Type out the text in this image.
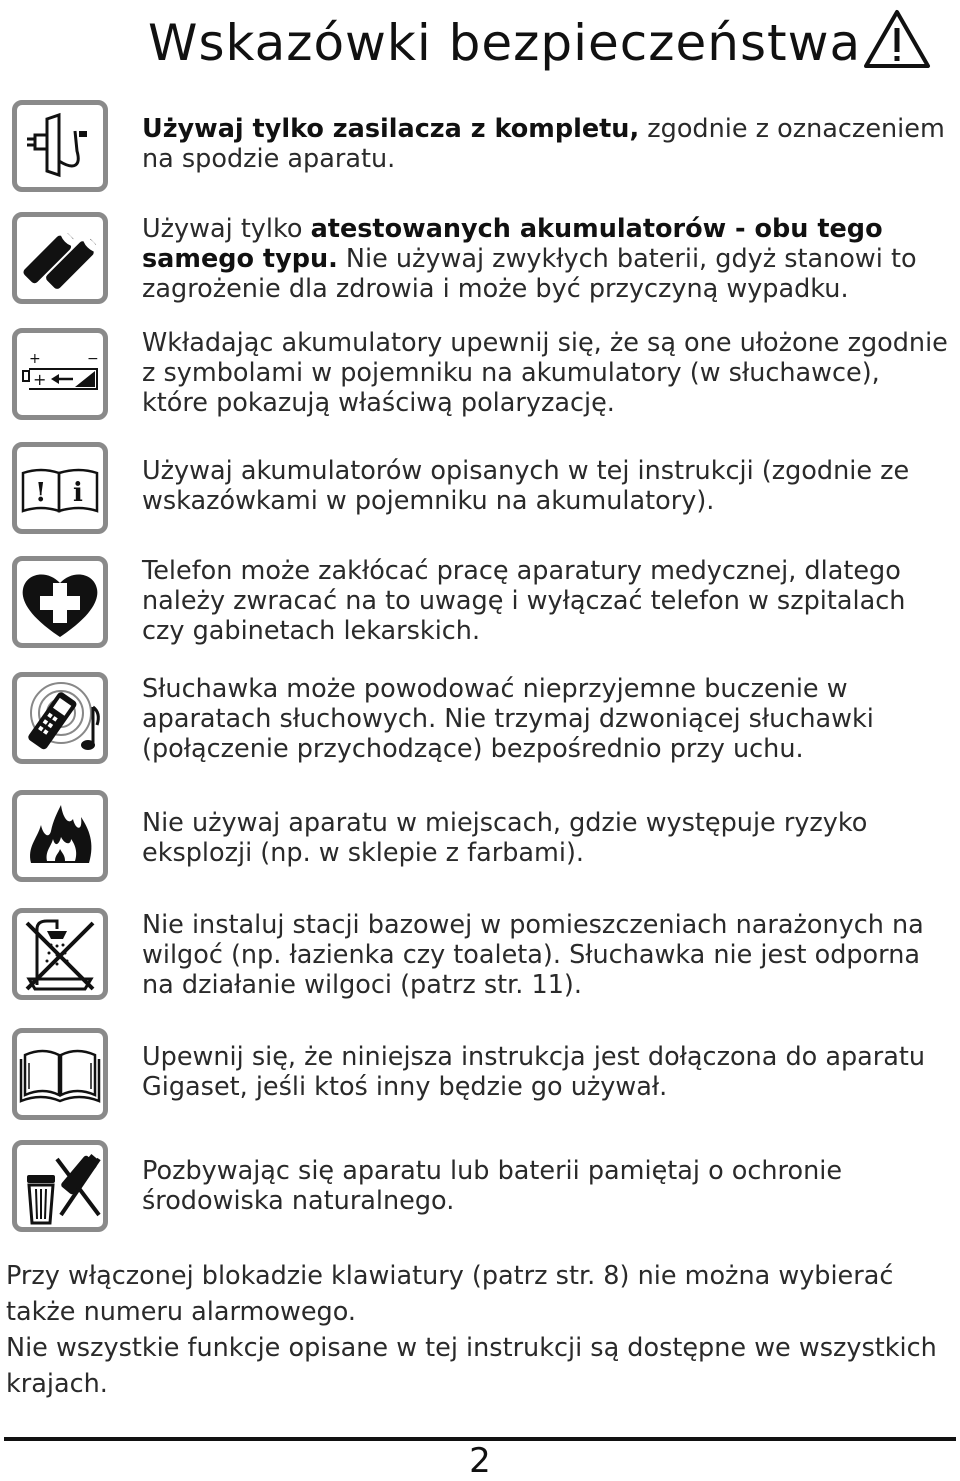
Wskazówki bezpieczeństwa

Używaj tylko zasilacza z kompletu, zgodnie z oznaczeniem na spodzie aparatu.

Używaj tylko atestowanych akumulatorów - obu tego samego typu. Nie używaj zwykłych baterii, gdyż stanowi to zagrożenie dla zdrowia i może być przyczyną wypadku.

+	−
+

Wkładając akumulatory upewnij się, że są one ułożone zgodnie z symbolami w pojemniku na akumulatory (w słuchawce), które pokazują właściwą polaryzację.

! i

Używaj akumulatorów opisanych w tej instrukcji (zgodnie ze wskazówkami w pojemniku na akumulatory).

Telefon może zakłócać pracę aparatury medycznej, dlatego należy zwracać na to uwagę i wyłączać telefon w szpitalach czy gabinetach lekarskich.

Słuchawka może powodować nieprzyjemne buczenie w aparatach słuchowych. Nie trzymaj dzwoniącej słuchawki (połączenie przychodzące) bezpośrednio przy uchu.

Nie używaj aparatu w miejscach, gdzie występuje ryzyko eksplozji (np. w sklepie z farbami).

Nie instaluj stacji bazowej w pomieszczeniach narażonych na wilgoć (np. łazienka czy toaleta). Słuchawka nie jest odporna na działanie wilgoci (patrz str. 11).

Upewnij się, że niniejsza instrukcja jest dołączona do aparatu Gigaset, jeśli ktoś inny będzie go używał.

Pozbywając się aparatu lub baterii pamiętaj o ochronie środowiska naturalnego.

Przy włączonej blokadzie klawiatury (patrz str. 8) nie można wybierać także numeru alarmowego.

Nie wszystkie funkcje opisane w tej instrukcji są dostępne we wszystkich krajach.

2
